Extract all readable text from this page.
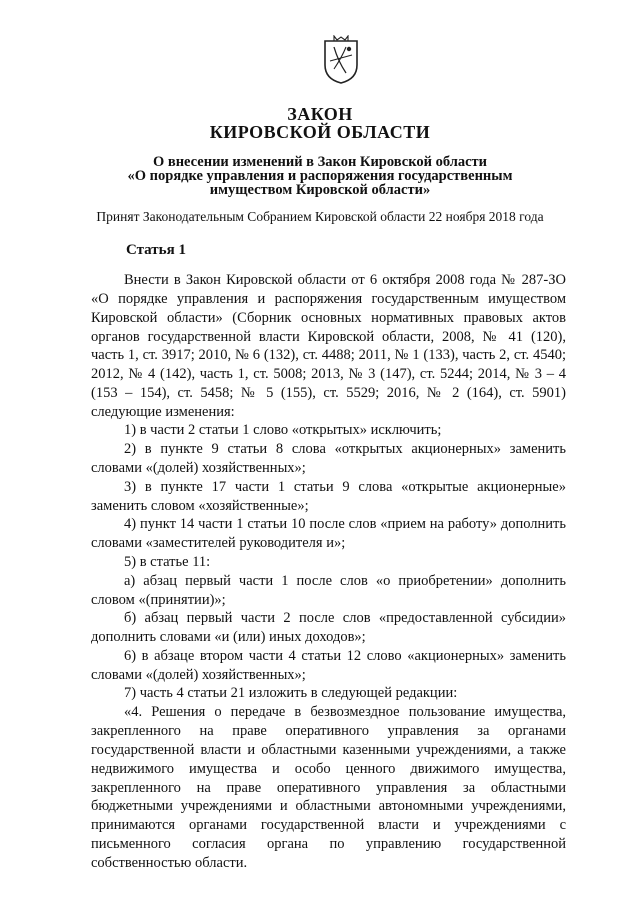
ЗАКОН
КИРОВСКОЙ ОБЛАСТИ
О внесении изменений в Закон Кировской области
«О порядке управления и распоряжения государственным
имуществом Кировской области»
Принят Законодательным Собранием Кировской области 22 ноября 2018 года
Статья 1
Внести в Закон Кировской области от 6 октября 2008 года № 287-ЗО
«О порядке управления и распоряжения государственным имуществом
Кировской области» (Сборник основных нормативных правовых актов
органов государственной власти Кировской области, 2008, № 41 (120),
часть 1, ст. 3917; 2010, № 6 (132), ст. 4488; 2011, № 1 (133), часть 2, ст. 4540;
2012, № 4 (142), часть 1, ст. 5008; 2013, № 3 (147), ст. 5244; 2014, № 3 – 4
(153 – 154), ст. 5458; № 5 (155), ст. 5529; 2016, № 2 (164), ст. 5901)
следующие изменения:
1) в части 2 статьи 1 слово «открытых» исключить;
2) в пункте 9 статьи 8 слова «открытых акционерных» заменить
словами «(долей) хозяйственных»;
3) в пункте 17 части 1 статьи 9 слова «открытые акционерные»
заменить словом «хозяйственные»;
4) пункт 14 части 1 статьи 10 после слов «прием на работу» дополнить
словами «заместителей руководителя и»;
5) в статье 11:
а) абзац первый части 1 после слов «о приобретении» дополнить
словом «(принятии)»;
б) абзац первый части 2 после слов «предоставленной субсидии»
дополнить словами «и (или) иных доходов»;
6) в абзаце втором части 4 статьи 12 слово «акционерных» заменить
словами «(долей) хозяйственных»;
7) часть 4 статьи 21 изложить в следующей редакции:
«4. Решения о передаче в безвозмездное пользование имущества,
закрепленного на праве оперативного управления за органами
государственной власти и областными казенными учреждениями, а также
недвижимого имущества и особо ценного движимого имущества,
закрепленного на праве оперативного управления за областными
бюджетными учреждениями и областными автономными учреждениями,
принимаются органами государственной власти и учреждениями с
письменного согласия органа по управлению государственной
собственностью области.
